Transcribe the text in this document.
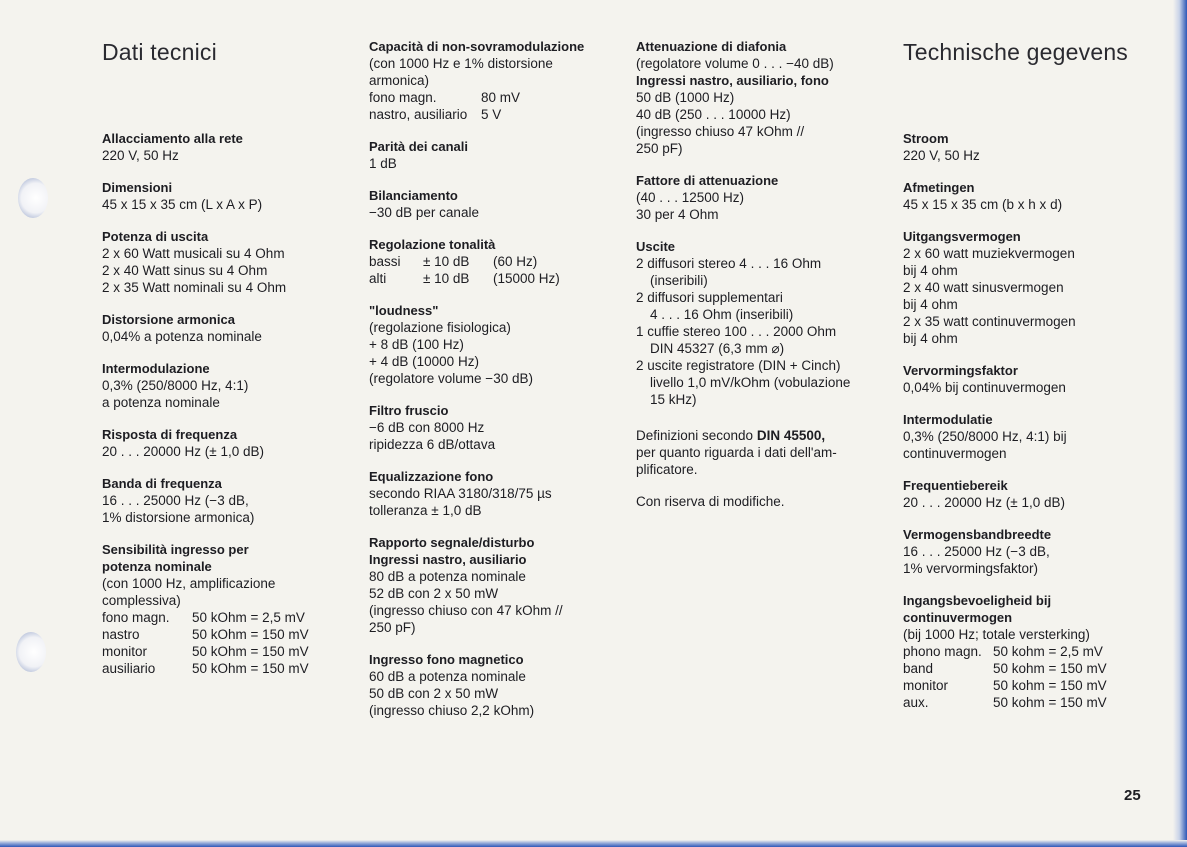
Dati tecnici
Allacciamento alla rete
220 V, 50 Hz
Dimensioni
45 x 15 x 35 cm (L x A x P)
Potenza di uscita
2 x 60 Watt musicali su 4 Ohm
2 x 40 Watt sinus su 4 Ohm
2 x 35 Watt nominali su 4 Ohm
Distorsione armonica
0,04% a potenza nominale
Intermodulazione
0,3% (250/8000 Hz, 4:1)
a potenza nominale
Risposta di frequenza
20 . . . 20000 Hz (± 1,0 dB)
Banda di frequenza
16 . . . 25000 Hz (−3 dB,
1% distorsione armonica)
Sensibilità ingresso per
potenza nominale
(con 1000 Hz, amplificazione
complessiva)
fono magn.	50 kOhm = 2,5 mV
nastro	50 kOhm = 150 mV
monitor	50 kOhm = 150 mV
ausiliario	50 kOhm = 150 mV
Capacità di non-sovramodulazione
(con 1000 Hz e 1% distorsione
armonica)
fono magn.	80 mV
nastro, ausiliario	5 V
Parità dei canali
1 dB
Bilanciamento
−30 dB per canale
Regolazione tonalità
bassi	± 10 dB	(60 Hz)
alti	± 10 dB	(15000 Hz)
"loudness"
(regolazione fisiologica)
+ 8 dB (100 Hz)
+ 4 dB (10000 Hz)
(regolatore volume −30 dB)
Filtro fruscio
−6 dB con 8000 Hz
ripidezza 6 dB/ottava
Equalizzazione fono
secondo RIAA 3180/318/75 µs
tolleranza ± 1,0 dB
Rapporto segnale/disturbo
Ingressi nastro, ausiliario
80 dB a potenza nominale
52 dB con 2 x 50 mW
(ingresso chiuso con 47 kOhm //
250 pF)
Ingresso fono magnetico
60 dB a potenza nominale
50 dB con 2 x 50 mW
(ingresso chiuso 2,2 kOhm)
Attenuazione di diafonia
(regolatore volume 0 . . . −40 dB)
Ingressi nastro, ausiliario, fono
50 dB (1000 Hz)
40 dB (250 . . . 10000 Hz)
(ingresso chiuso 47 kOhm //
250 pF)
Fattore di attenuazione
(40 . . . 12500 Hz)
30 per 4 Ohm
Uscite
2 diffusori stereo 4 . . . 16 Ohm
(inseribili)
2 diffusori supplementari
4 . . . 16 Ohm (inseribili)
1 cuffie stereo 100 . . . 2000 Ohm
DIN 45327 (6,3 mm ⌀)
2 uscite registratore (DIN + Cinch)
livello 1,0 mV/kOhm (vobulazione
15 kHz)
Definizioni secondo DIN 45500,
per quanto riguarda i dati dell'am-
plificatore.
Con riserva di modifiche.
Technische gegevens
Stroom
220 V, 50 Hz
Afmetingen
45 x 15 x 35 cm (b x h x d)
Uitgangsvermogen
2 x 60 watt muziekvermogen
bij 4 ohm
2 x 40 watt sinusvermogen
bij 4 ohm
2 x 35 watt continuvermogen
bij 4 ohm
Vervormingsfaktor
0,04% bij continuvermogen
Intermodulatie
0,3% (250/8000 Hz, 4:1) bij
continuvermogen
Frequentiebereik
20 . . . 20000 Hz (± 1,0 dB)
Vermogensbandbreedte
16 . . . 25000 Hz (−3 dB,
1% vervormingsfaktor)
Ingangsbevoeligheid bij
continuvermogen
(bij 1000 Hz; totale versterking)
phono magn. 50 kohm = 2,5 mV
band	50 kohm = 150 mV
monitor	50 kohm = 150 mV
aux.	50 kohm = 150 mV
25
